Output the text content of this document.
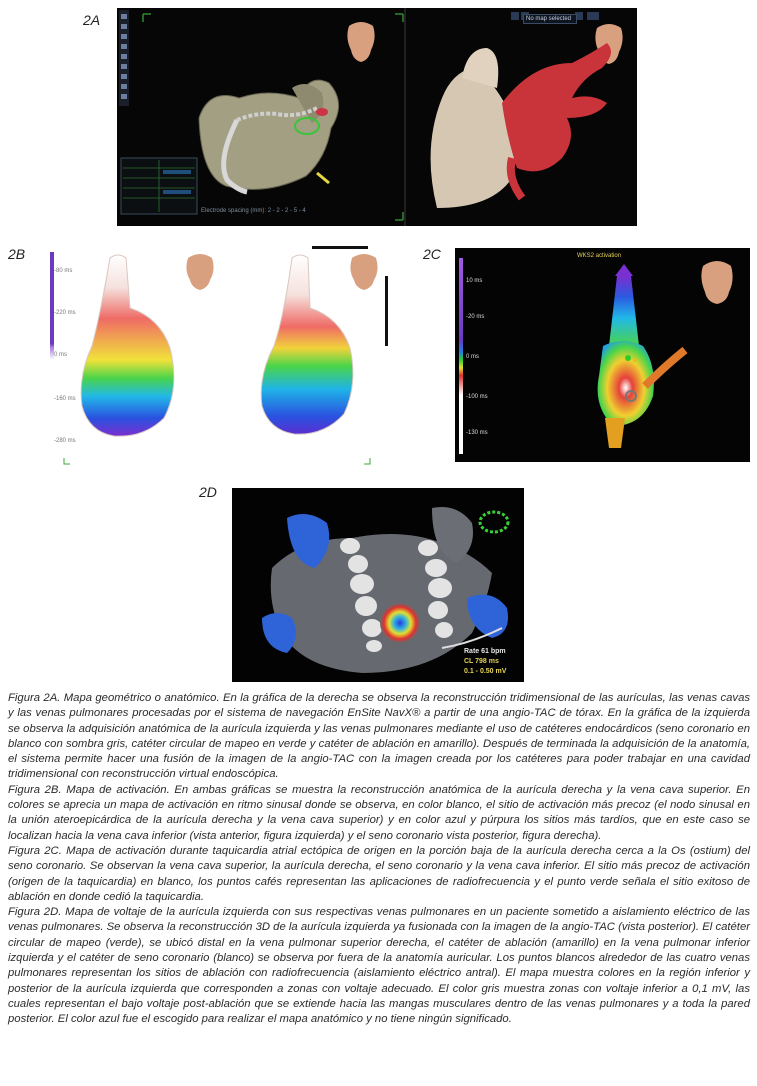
2A
2B	2C
2D
No map selected
Electrode spacing (mm): 2 - 2 - 2 - 5 - 4
-80 ms
-220 ms
0 ms
-160 ms
-280 ms
WKS2 activation
10 ms
-20 ms
0 ms
-100 ms
-130 ms
Rate 61 bpm
CL 798 ms
0.1 - 0.50 mV

Figura 2A. Mapa geométrico o anatómico. En la gráfica de la derecha se observa la reconstrucción tridimensional de las aurículas, las venas cavas y las venas pulmonares procesadas por el sistema de navegación EnSite NavX® a partir de una angio-TAC de tórax. En la gráfica de la izquierda se observa la adquisición anatómica de la aurícula izquierda y las venas pulmonares mediante el uso de catéteres endocárdicos (seno coronario en blanco con sombra gris, catéter circular de mapeo en verde y catéter de ablación en amarillo). Después de terminada la adquisición de la anatomía, el sistema permite hacer una fusión de la imagen de la angio-TAC con la imagen creada por los catéteres para poder trabajar en una cavidad tridimensional con reconstrucción virtual endoscópica.

Figura 2B. Mapa de activación. En ambas gráficas se muestra la reconstrucción anatómica de la aurícula derecha y la vena cava superior. En colores se aprecia un mapa de activación en ritmo sinusal donde se observa, en color blanco, el sitio de activación más precoz (el nodo sinusal en la unión ateroepicárdica de la aurícula derecha y la vena cava superior) y en color azul y púrpura los sitios más tardíos, que en este caso se localizan hacia la vena cava inferior (vista anterior, figura izquierda) y el seno coronario vista posterior, figura derecha).

Figura 2C. Mapa de activación durante taquicardia atrial ectópica de origen en la porción baja de la aurícula derecha cerca a la Os (ostium) del seno coronario. Se observan la vena cava superior, la aurícula derecha, el seno coronario y la vena cava inferior. El sitio más precoz de activación (origen de la taquicardia) en blanco, los puntos cafés representan las aplicaciones de radiofrecuencia y el punto verde señala el sitio exitoso de ablación en donde cedió la taquicardia.

Figura 2D. Mapa de voltaje de la aurícula izquierda con sus respectivas venas pulmonares en un paciente sometido a aislamiento eléctrico de las venas pulmonares. Se observa la reconstrucción 3D de la aurícula izquierda ya fusionada con la imagen de la angio-TAC (vista posterior). El catéter circular de mapeo (verde), se ubicó distal en la vena pulmonar superior derecha, el catéter de ablación (amarillo) en la vena pulmonar inferior izquierda y el catéter de seno coronario (blanco) se observa por fuera de la anatomía auricular. Los puntos blancos alrededor de las cuatro venas pulmonares representan los sitios de ablación con radiofrecuencia (aislamiento eléctrico antral). El mapa muestra colores en la región inferior y posterior de la aurícula izquierda que corresponden a zonas con voltaje adecuado. El color gris muestra zonas con voltaje inferior a 0,1 mV, las cuales representan el bajo voltaje post-ablación que se extiende hacia las mangas musculares dentro de las venas pulmonares y a toda la pared posterior. El color azul fue el escogido para realizar el mapa anatómico y no tiene ningún significado.
